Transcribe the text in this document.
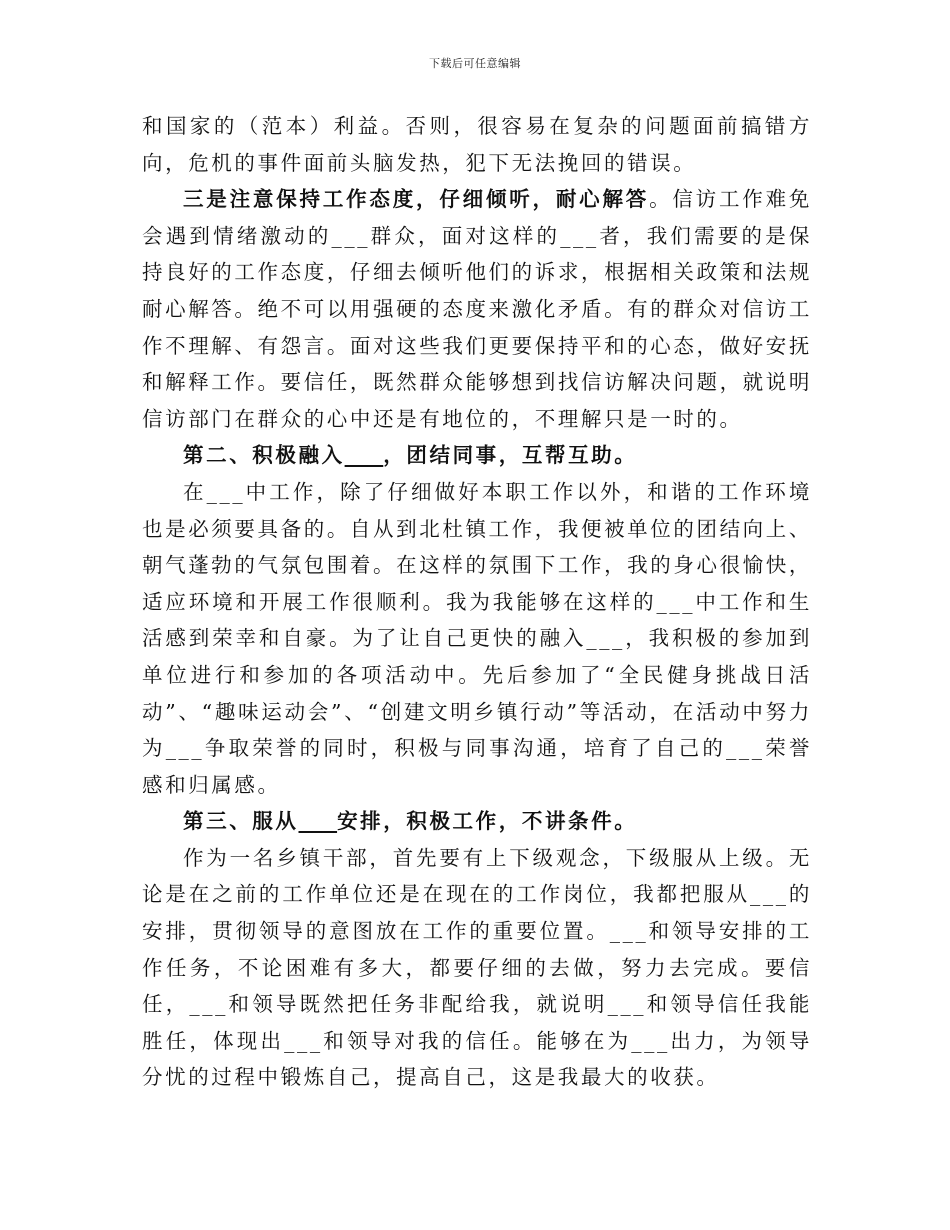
下载后可任意编辑

和国家的（范本）利益。否则，很容易在复杂的问题面前搞错方向，危机的事件面前头脑发热，犯下无法挽回的错误。

三是注意保持工作态度，仔细倾听，耐心解答。信访工作难免会遇到情绪激动的___群众，面对这样的___者，我们需要的是保持良好的工作态度，仔细去倾听他们的诉求，根据相关政策和法规耐心解答。绝不可以用强硬的态度来激化矛盾。有的群众对信访工作不理解、有怨言。面对这些我们更要保持平和的心态，做好安抚和解释工作。要信任，既然群众能够想到找信访解决问题，就说明信访部门在群众的心中还是有地位的，不理解只是一时的。

第二、积极融入___，团结同事，互帮互助。

在___中工作，除了仔细做好本职工作以外，和谐的工作环境也是必须要具备的。自从到北杜镇工作，我便被单位的团结向上、朝气蓬勃的气氛包围着。在这样的氛围下工作，我的身心很愉快，适应环境和开展工作很顺利。我为我能够在这样的___中工作和生活感到荣幸和自豪。为了让自己更快的融入___，我积极的参加到单位进行和参加的各项活动中。先后参加了“全民健身挑战日活动”、“趣味运动会”、“创建文明乡镇行动”等活动，在活动中努力为___争取荣誉的同时，积极与同事沟通，培育了自己的___荣誉感和归属感。

第三、服从___安排，积极工作，不讲条件。

作为一名乡镇干部，首先要有上下级观念，下级服从上级。无论是在之前的工作单位还是在现在的工作岗位，我都把服从___的安排，贯彻领导的意图放在工作的重要位置。___和领导安排的工作任务，不论困难有多大，都要仔细的去做，努力去完成。要信任，___和领导既然把任务非配给我，就说明___和领导信任我能胜任，体现出___和领导对我的信任。能够在为___出力，为领导分忧的过程中锻炼自己，提高自己，这是我最大的收获。
